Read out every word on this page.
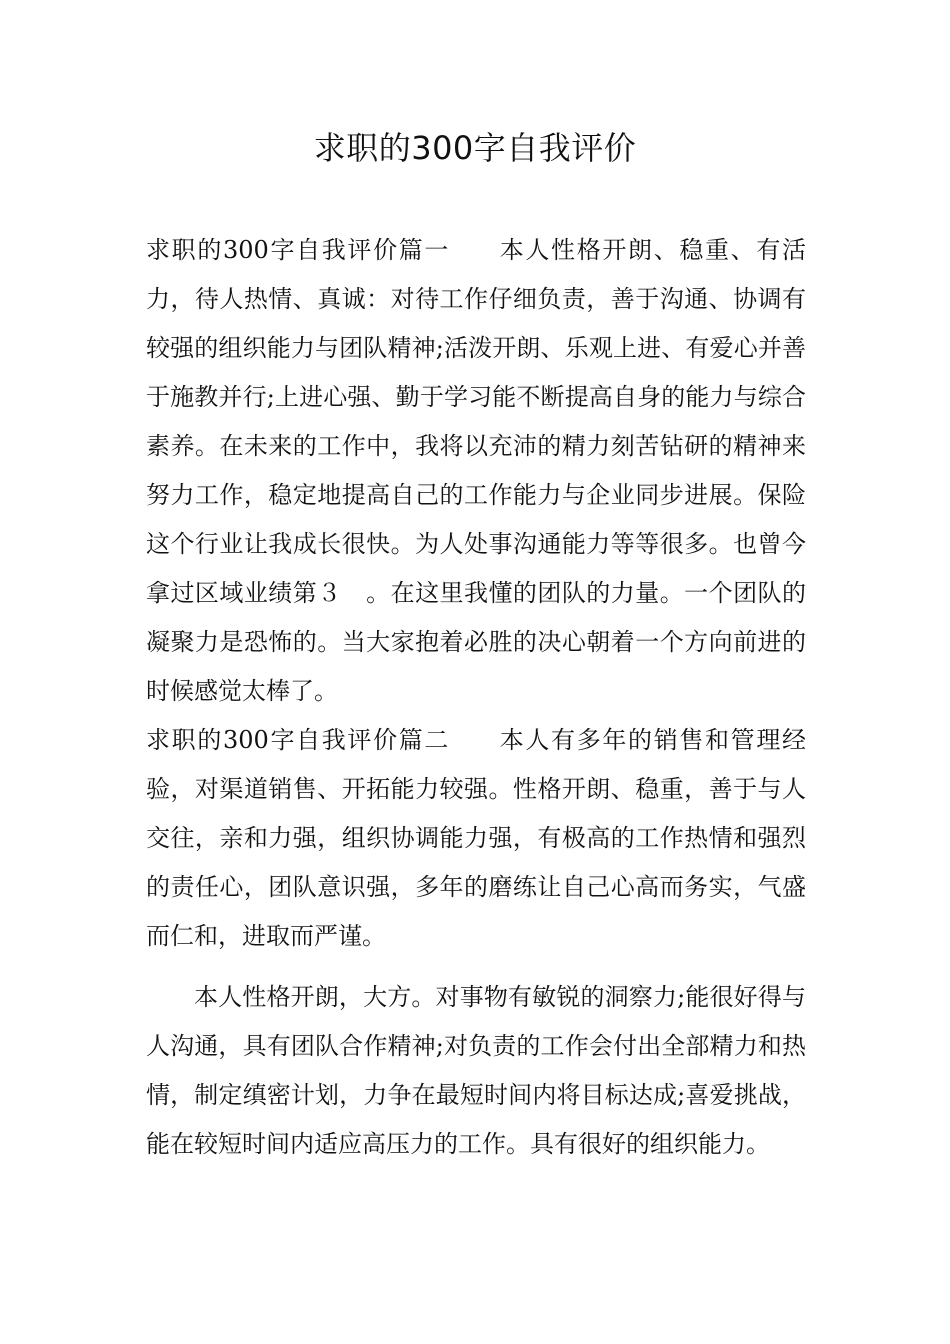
求职的300字自我评价

求职的300字自我评价篇一 本人性格开朗、稳重、有活力，待人热情、真诚：对待工作仔细负责，善于沟通、协调有较强的组织能力与团队精神;活泼开朗、乐观上进、有爱心并善于施教并行;上进心强、勤于学习能不断提高自身的能力与综合素养。在未来的工作中，我将以充沛的精力刻苦钻研的精神来努力工作，稳定地提高自己的工作能力与企业同步进展。保险这个行业让我成长很快。为人处事沟通能力等等很多。也曾今拿过区域业绩第３　。在这里我懂的团队的力量。一个团队的凝聚力是恐怖的。当大家抱着必胜的决心朝着一个方向前进的时候感觉太棒了。

求职的300字自我评价篇二 本人有多年的销售和管理经验，对渠道销售、开拓能力较强。性格开朗、稳重，善于与人交往，亲和力强，组织协调能力强，有极高的工作热情和强烈的责任心，团队意识强，多年的磨练让自己心高而务实，气盛而仁和，进取而严谨。

本人性格开朗，大方。对事物有敏锐的洞察力;能很好得与人沟通，具有团队合作精神;对负责的工作会付出全部精力和热情，制定缜密计划，力争在最短时间内将目标达成;喜爱挑战，能在较短时间内适应高压力的工作。具有很好的组织能力。
